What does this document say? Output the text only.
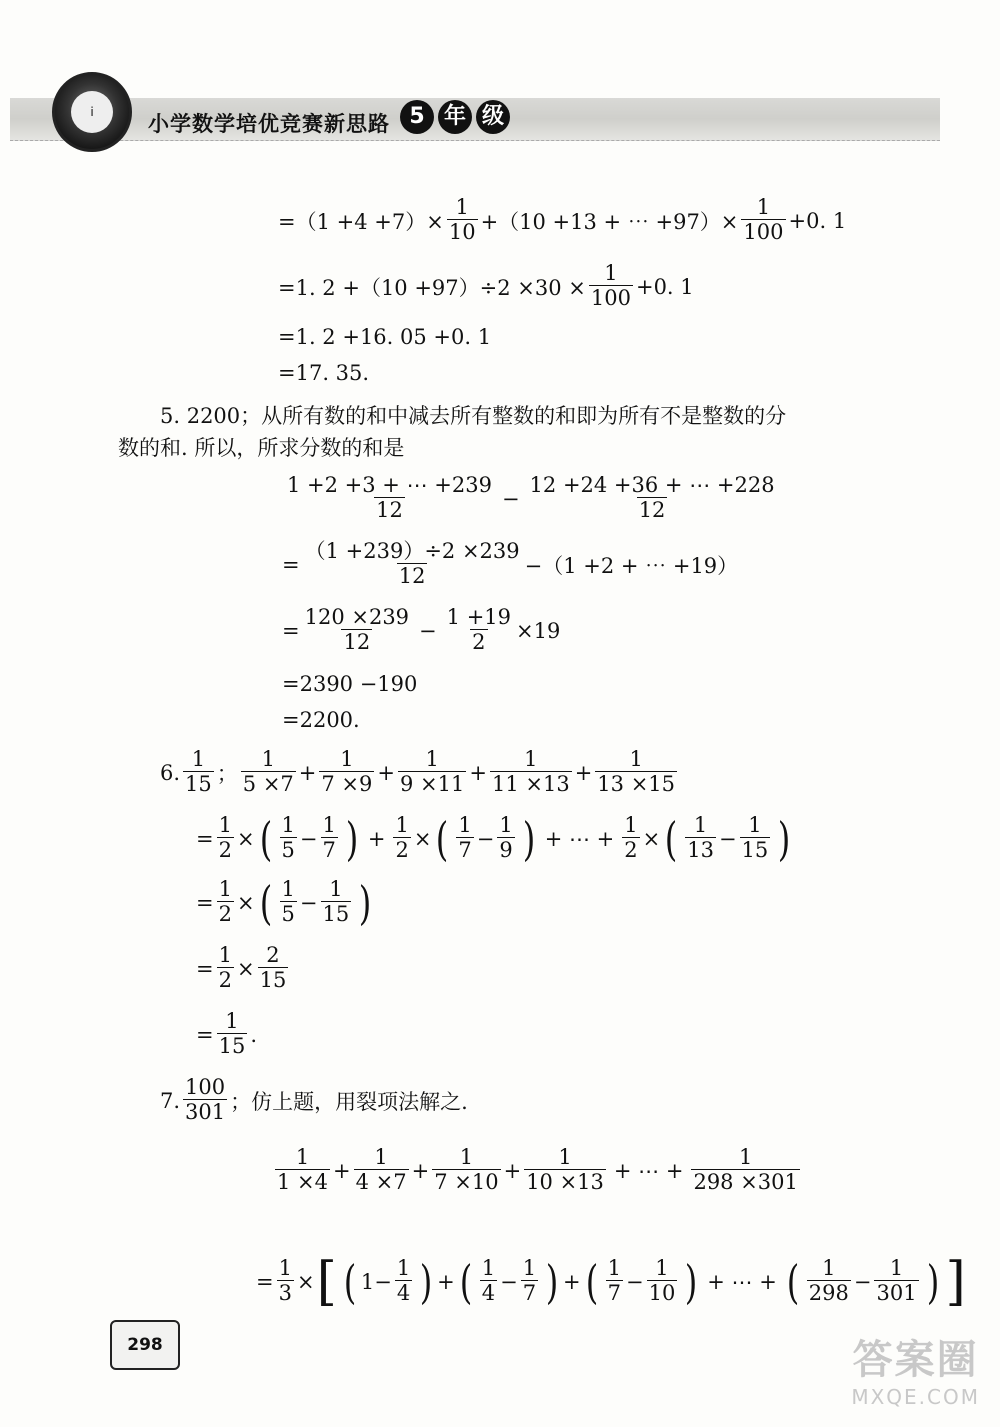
i	小学数学培优竞赛新思路 5 年 级
$=(1 +4 +7)\times \frac{1}{10} +(10 +13$ + ⋯ $+97)\times \frac{1}{100} +0$. 1
=1. $2 +(10 +97)\div 2 \times 30 \times \frac{1}{100} +0$. 1
=1. 2 +16. 05 +0. 1
=17. 35.
5. 2200；从所有数的和中减去所有整数的和即为所有不是整数的分
数的和. 所以，所求分数的和是
$\frac{1 +2 +3 + \cdots +239}{12} - \frac{12 +24 +36 + \cdots +228}{12}$
= $\frac{(1 +239)\div 2 \times 239}{12} -(1 +2$ + ⋯ +19）
= $\frac{120 \times 239}{12} - \frac{1 +19}{2} \times 19$
=2390 −190
=2200.
6. $\frac{1}{15}$ ； $\frac{1}{5 \times 7} + \frac{1}{7 \times 9} + \frac{1}{9 \times 11} + \frac{1}{11 \times 13} + \frac{1}{13 \times 15}$
= $\frac{1}{2}$ × ( $\frac{1}{5} - \frac{1}{7}$ ) + $\frac{1}{2}$ × ( $\frac{1}{7} - \frac{1}{9}$ ) + ⋯ + $\frac{1}{2}$ × ( $\frac{1}{13} - \frac{1}{15}$ )
= $\frac{1}{2}$ × ( $\frac{1}{5} - \frac{1}{15}$ )
= $\frac{1}{2} \times \frac{2}{15}$
= $\frac{1}{15}$ .
7. $\frac{100}{301}$ ；仿上题，用裂项法解之.
$\frac{1}{1 \times 4} + \frac{1}{4 \times 7} + \frac{1}{7 \times 10} + \frac{1}{10 \times 13}$ + ⋯ + $\frac{1}{298 \times 301}$
= $\frac{1}{3}$ × [ ( $1 - \frac{1}{4}$ ) + ( $\frac{1}{4} - \frac{1}{7}$ ) + ( $\frac{1}{7} - \frac{1}{10}$ ) + ⋯ + ( $\frac{1}{298} - \frac{1}{301}$ ) ]
298	答案圈
MXQE.COM
